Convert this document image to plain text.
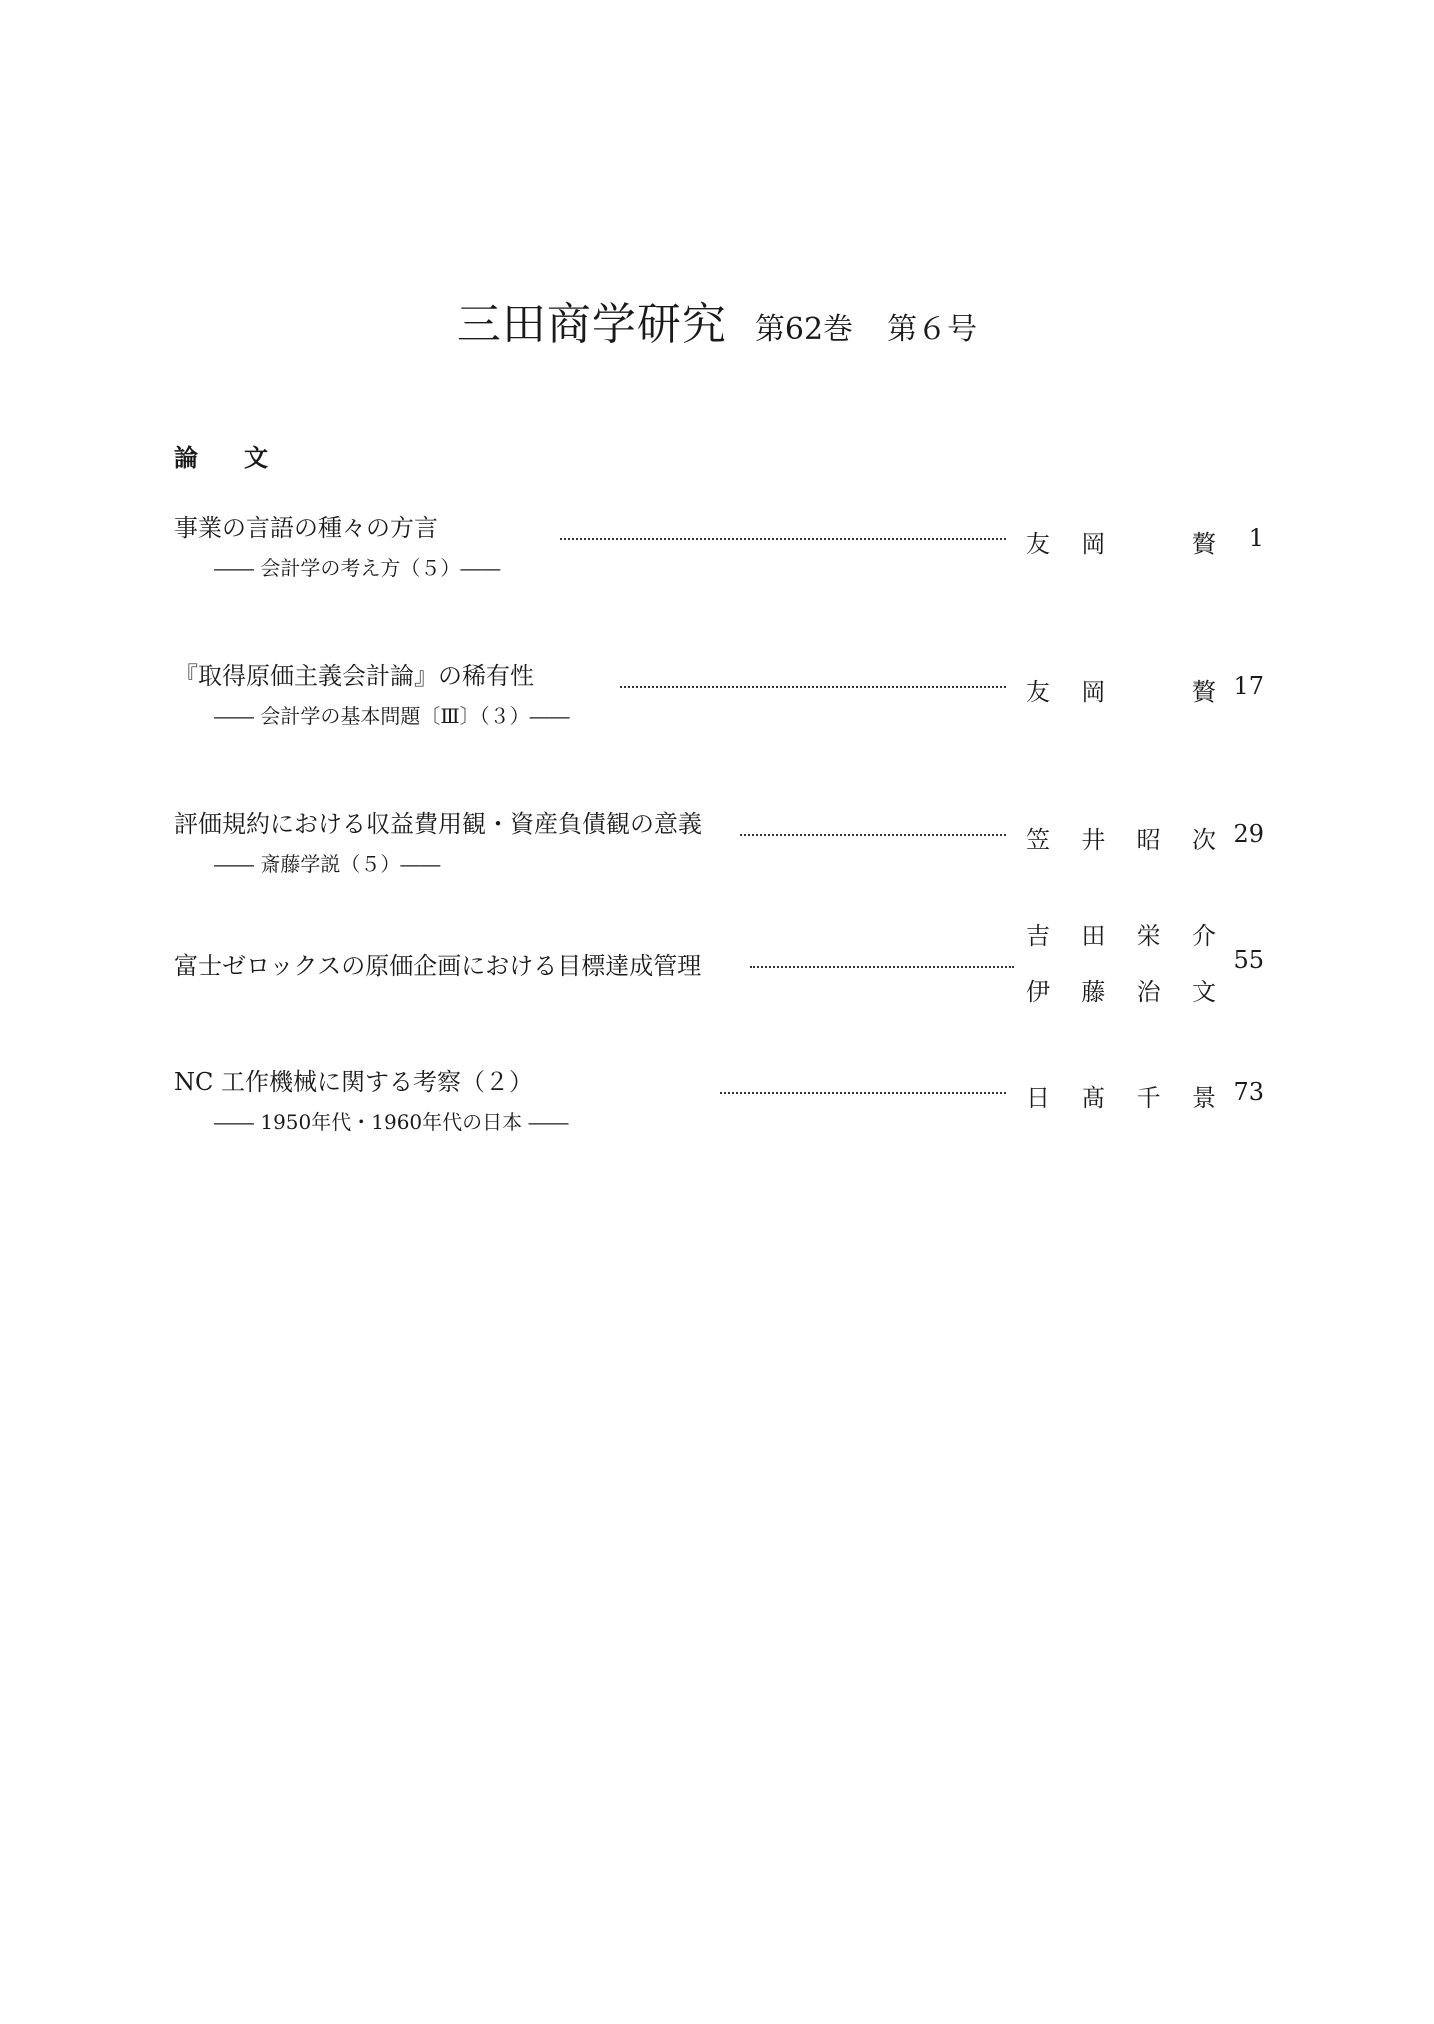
三田商学研究 第62巻 第６号
論文
事業の言語の種々の方言
―― 会計学の考え方（５）――
友 岡	贅 1
『取得原価主義会計論』の稀有性
―― 会計学の基本問題〔Ⅲ〕（３）――
友 岡	贅 17
評価規約における収益費用観・資産負債観の意義
―― 斎藤学説（５）――
笠 井 昭 次 29
富士ゼロックスの原価企画における目標達成管理
吉 田 栄 介
伊 藤 治 文
55
NC 工作機械に関する考察（２）
―― 1950年代・1960年代の日本 ――
日 髙 千 景 73
